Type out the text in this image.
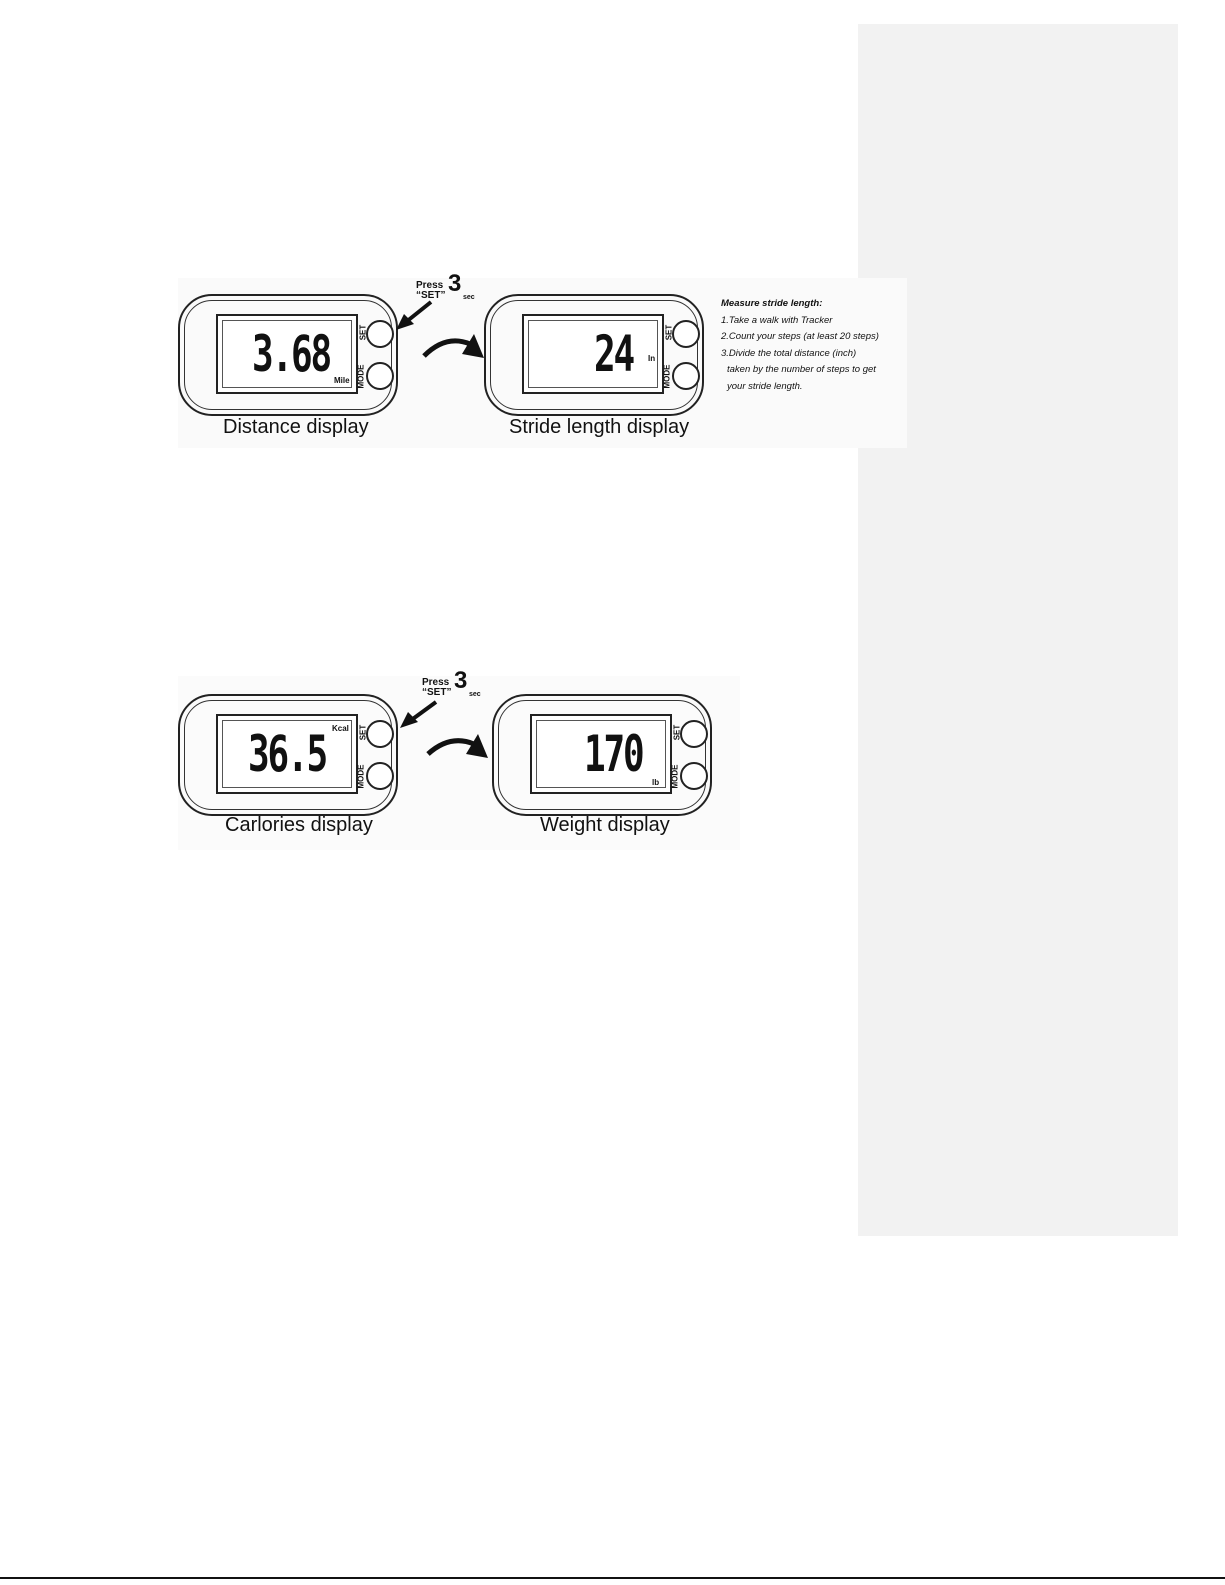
3.68 Mile
SET
MODE
Distance display
Press
“SET” 3
sec
24 In
SET
MODE
Stride length display
Measure stride length:
1.Take a walk with Tracker
2.Count your steps (at least 20 steps)
3.Divide the total distance (inch)
taken by the number of steps to get
your stride length.
36.5 Kcal SET
MODE
Carlories display
Press
“SET” 3
sec
170 lb
SET
MODE
Weight display
